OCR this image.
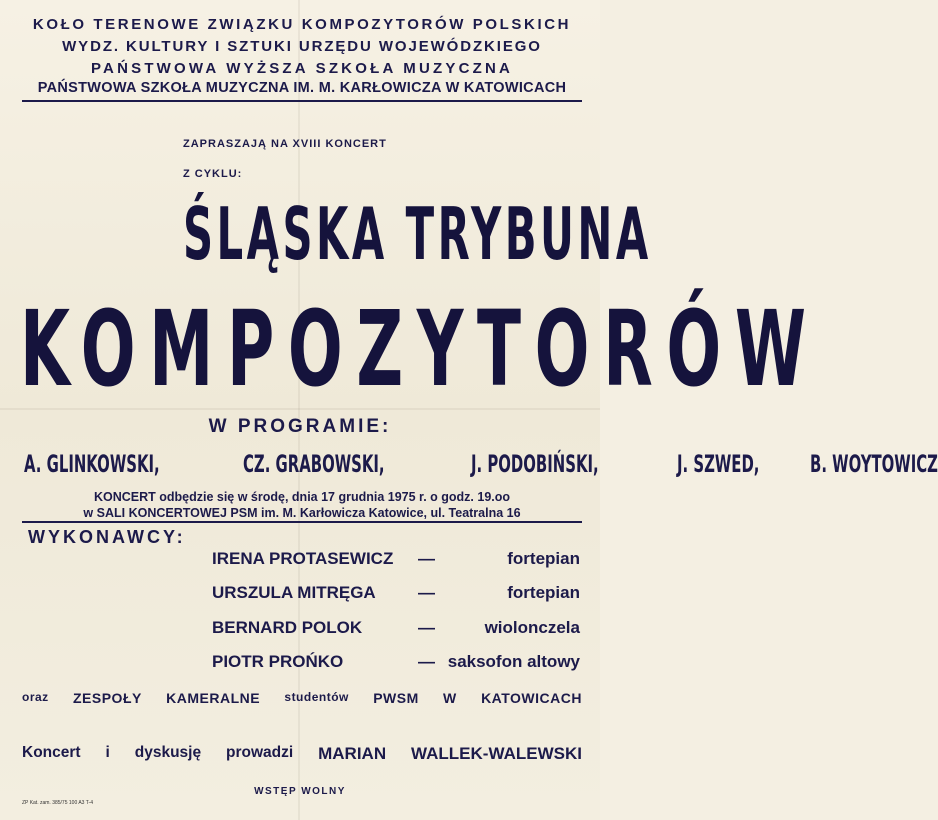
KOŁO TERENOWE ZWIĄZKU KOMPOZYTORÓW POLSKICH
WYDZ. KULTURY I SZTUKI URZĘDU WOJEWÓDZKIEGO
PAŃSTWOWA WYŻSZA SZKOŁA MUZYCZNA
PAŃSTWOWA SZKOŁA MUZYCZNA IM. M. KARŁOWICZA W KATOWICACH
ZAPRASZAJĄ NA XVIII KONCERT
Z CYKLU:
ŚLĄSKA TRYBUNA
KOMPOZYTORÓW
W PROGRAMIE:
A. GLINKOWSKI,	CZ. GRABOWSKI,	J. PODOBIŃSKI,	J. SZWED, B. WOYTOWICZ
KONCERT odbędzie się w środę, dnia 17 grudnia 1975 r. o godz. 19.oo
w SALI KONCERTOWEJ PSM im. M. Karłowicza Katowice, ul. Teatralna 16
WYKONAWCY:
IRENA PROTASEWICZ —	fortepian
URSZULA MITRĘGA —	fortepian
BERNARD POLOK	—	wiolonczela
PIOTR PROŃKO	— saksofon altowy
oraz ZESPOŁY KAMERALNE studentów PWSM W KATOWICACH
Koncert i dyskusję prowadzi MARIAN WALLEK-WALEWSKI
WSTĘP WOLNY
ZP Kat. zam. 385/75 100 A3 T-4
